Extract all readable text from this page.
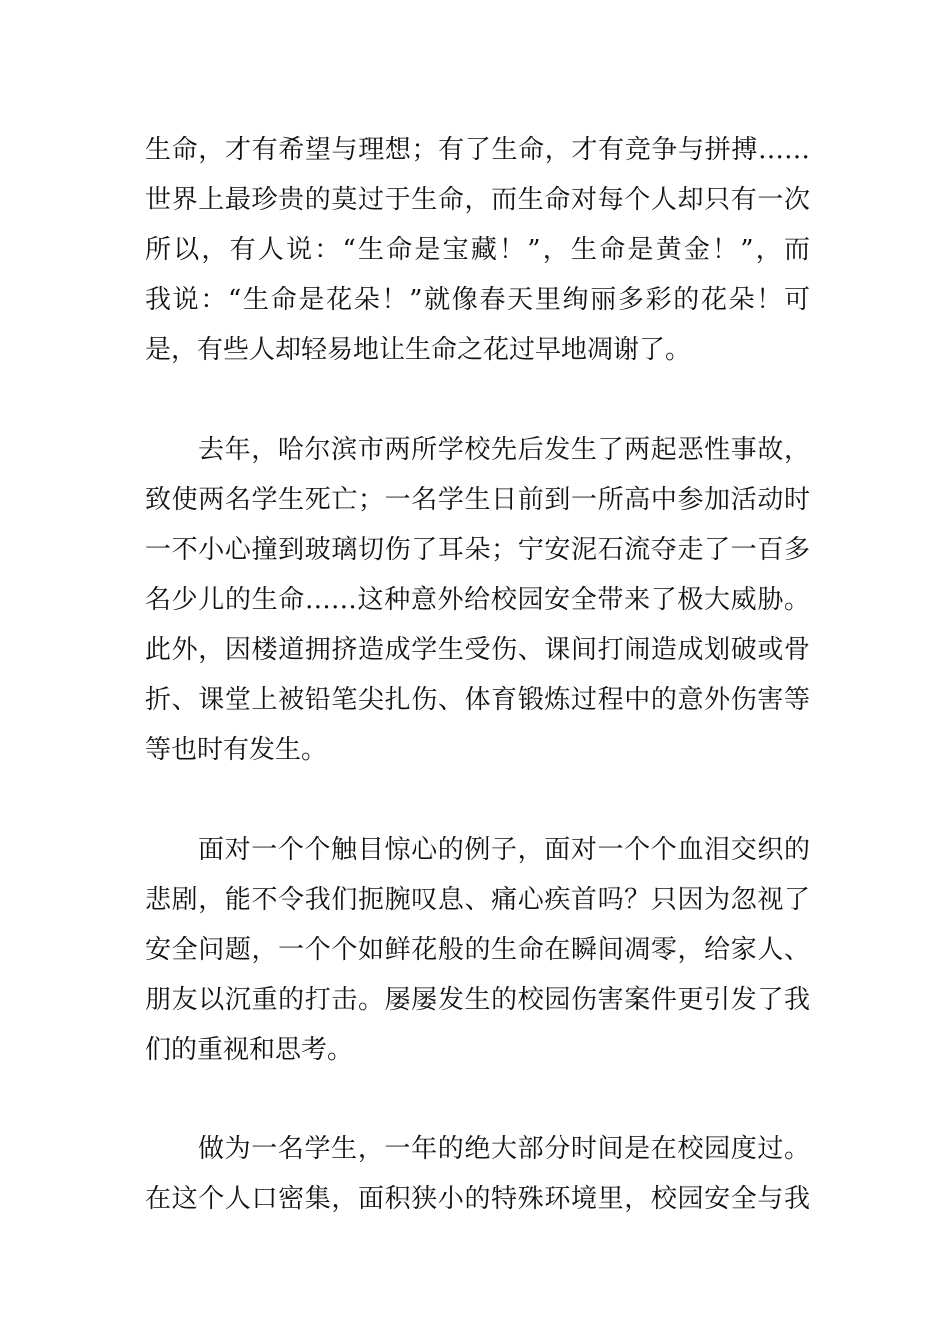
生命，才有希望与理想；有了生命，才有竞争与拼搏……
世界上最珍贵的莫过于生命，而生命对每个人却只有一次
所以，有人说：“生命是宝藏！”，生命是黄金！”，而
我说：“生命是花朵！”就像春天里绚丽多彩的花朵！可
是，有些人却轻易地让生命之花过早地凋谢了。
去年，哈尔滨市两所学校先后发生了两起恶性事故，
致使两名学生死亡；一名学生日前到一所高中参加活动时
一不小心撞到玻璃切伤了耳朵；宁安泥石流夺走了一百多
名少儿的生命……这种意外给校园安全带来了极大威胁。
此外，因楼道拥挤造成学生受伤、课间打闹造成划破或骨
折、课堂上被铅笔尖扎伤、体育锻炼过程中的意外伤害等
等也时有发生。
面对一个个触目惊心的例子，面对一个个血泪交织的
悲剧，能不令我们扼腕叹息、痛心疾首吗？只因为忽视了
安全问题，一个个如鲜花般的生命在瞬间凋零，给家人、
朋友以沉重的打击。屡屡发生的校园伤害案件更引发了我
们的重视和思考。
做为一名学生，一年的绝大部分时间是在校园度过。
在这个人口密集，面积狭小的特殊环境里，校园安全与我
